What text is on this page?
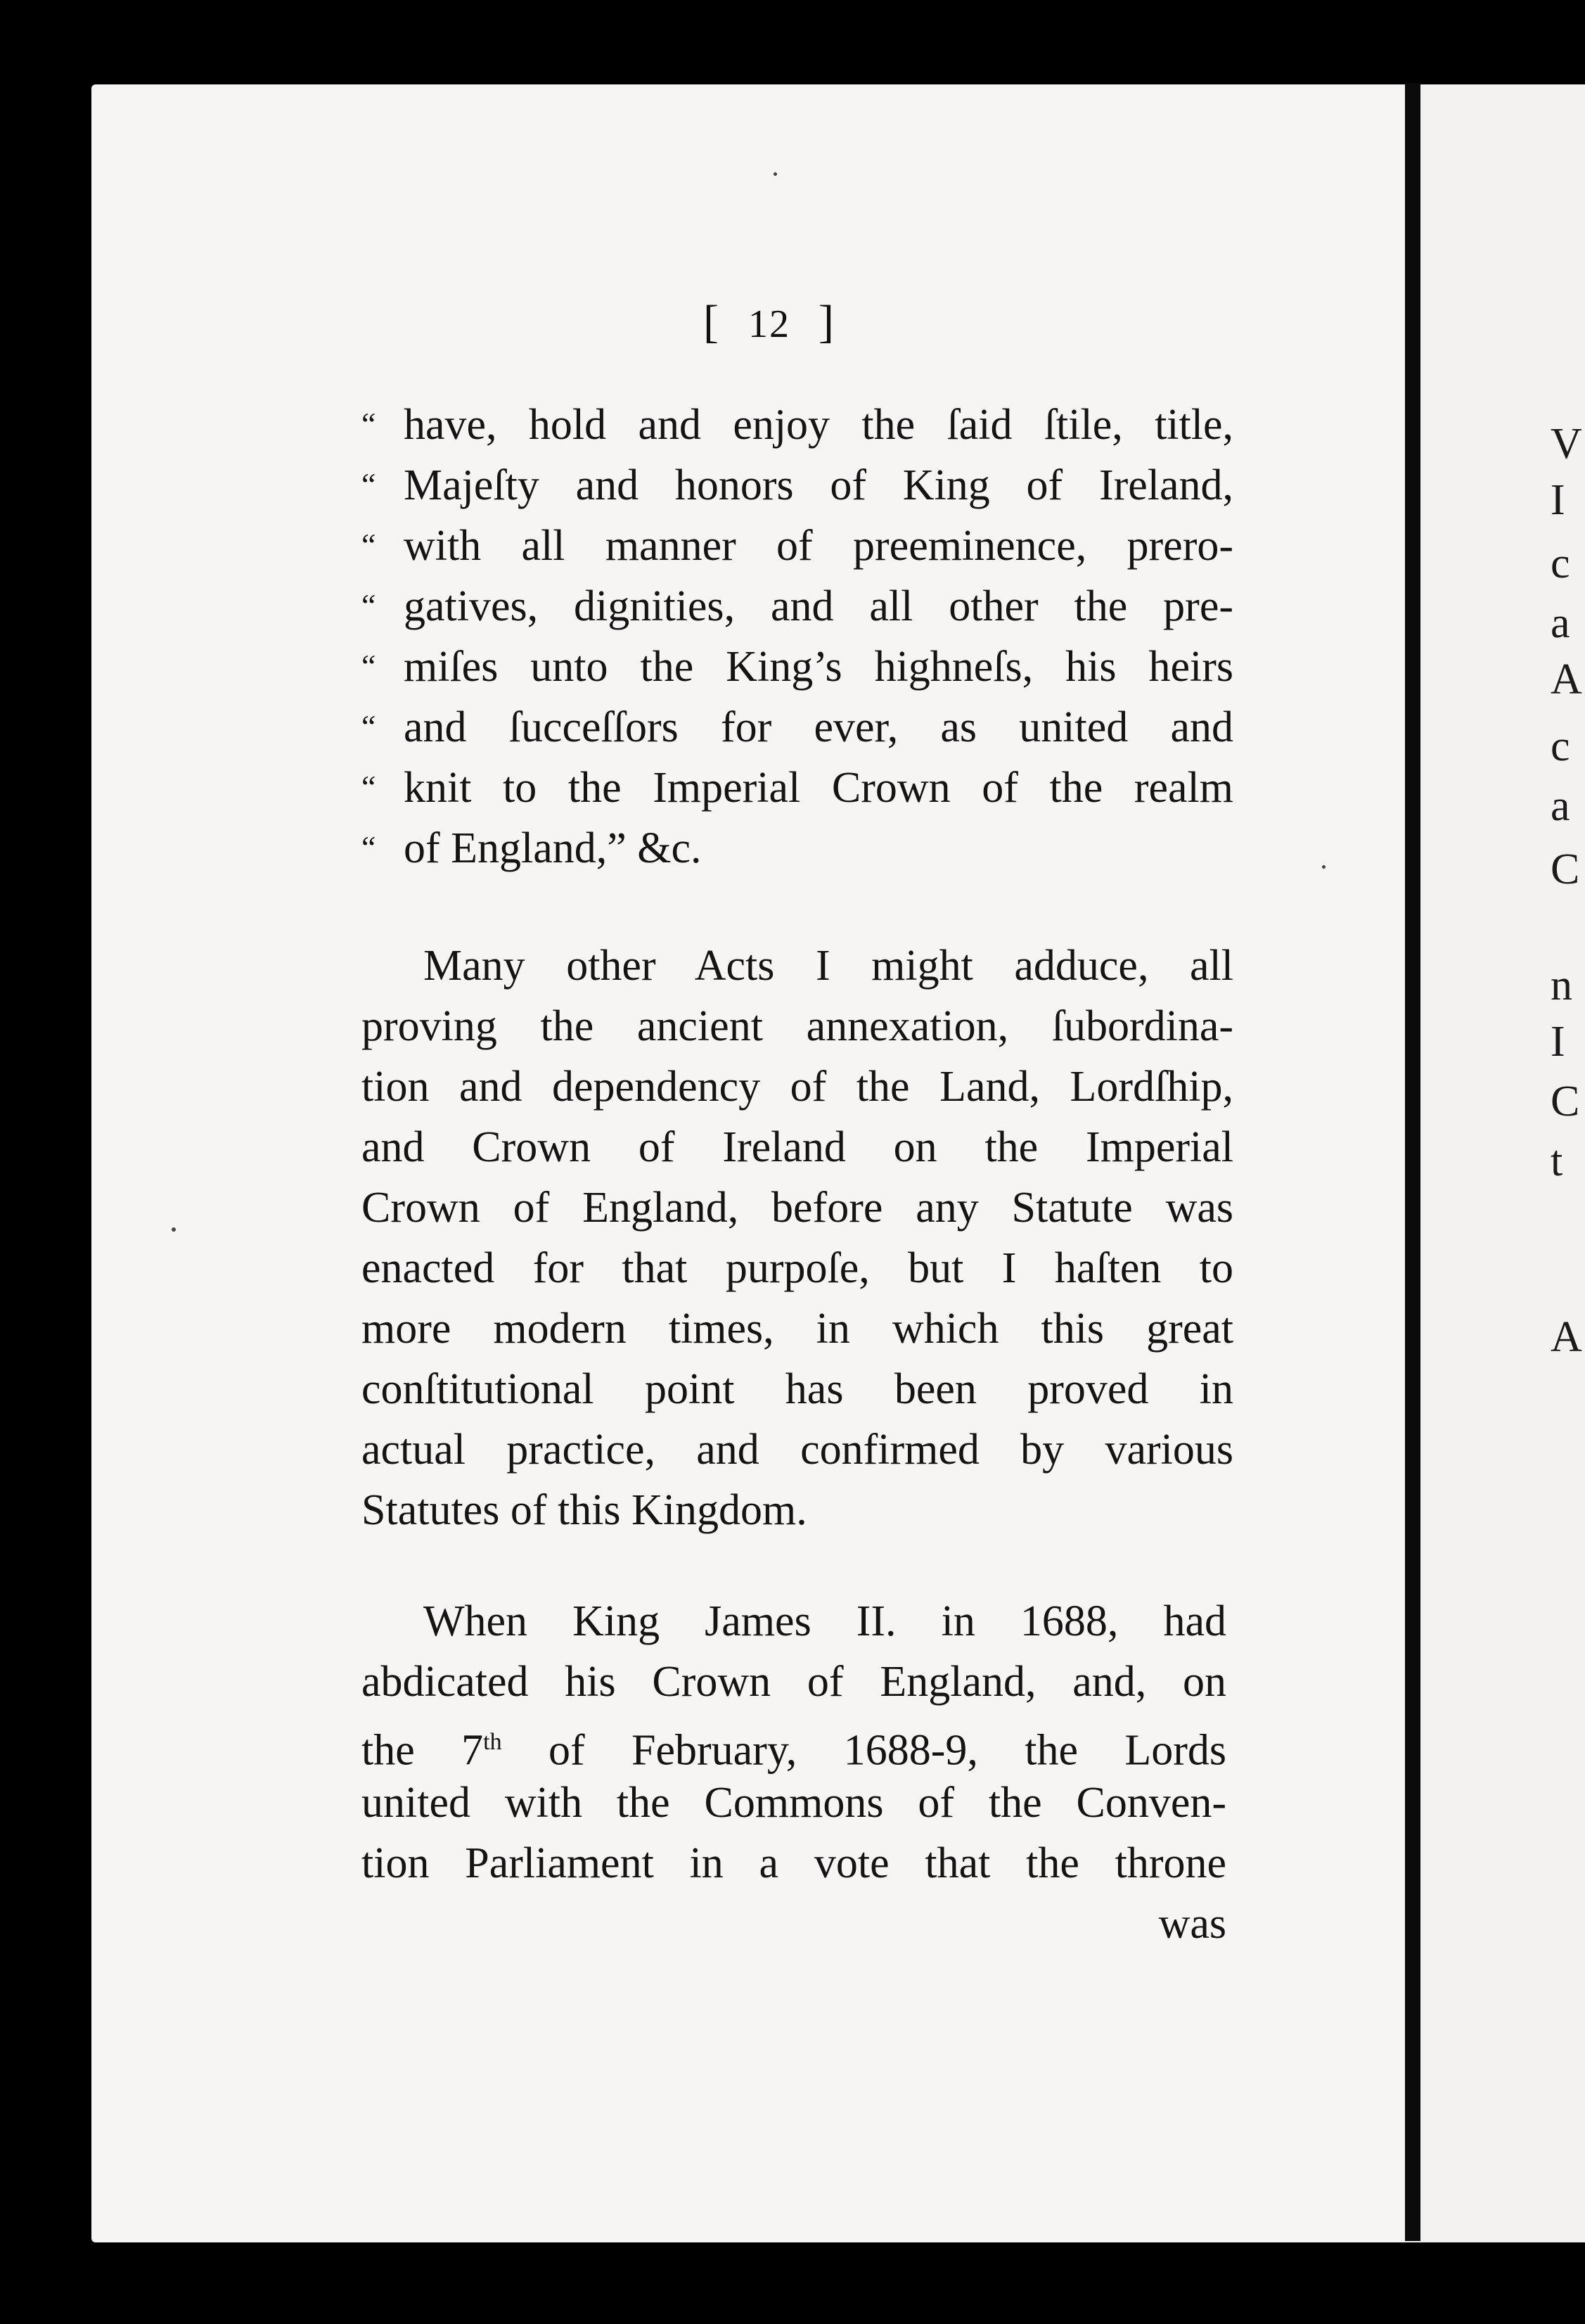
V
I
c
a
A
c
a
C
n
I
C
t
A
[ 12 ]
“ have, hold and enjoy the ſaid ſtile, title,
“ Majeſty and honors of King of Ireland,
“ with all manner of preeminence, prero-
“ gatives, dignities, and all other the pre-
“ miſes unto the King’s highneſs, his heirs
“ and ſucceſſors for ever, as united and
“ knit to the Imperial Crown of the realm
“ of England,” &c.
Many other Acts I might adduce, all
proving the ancient annexation, ſubordina-
tion and dependency of the Land, Lordſhip,
and Crown of Ireland on the Imperial
Crown of England, before any Statute was
enacted for that purpoſe, but I haſten to
more modern times, in which this great
conſtitutional point has been proved in
actual practice, and confirmed by various
Statutes of this Kingdom.
When King James II. in 1688, had
abdicated his Crown of England, and, on
the 7th of February, 1688-9, the Lords
united with the Commons of the Conven-
tion Parliament in a vote that the throne
was
